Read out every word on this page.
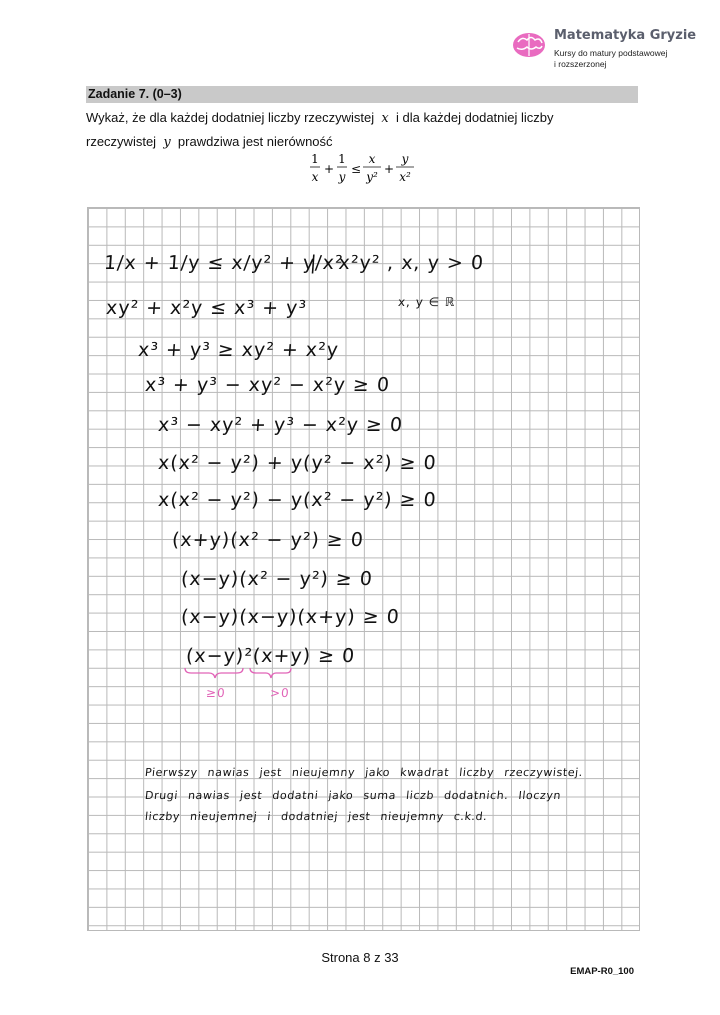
Matematyka Gryzie
Kursy do matury podstawowej
i rozszerzonej
Zadanie 7. (0–3)
Wykaż, że dla każdej dodatniej liczby rzeczywistej x i dla każdej dodatniej liczby
rzeczywistej y prawdziwa jest nierówność
1
x
+
1
y
≤
x
y²
+
y
x²
1/x + 1/y ≤ x/y² + y/x²
| · x²y² , x, y > 0
x, y ∈ ℝ
xy² + x²y ≤ x³ + y³
x³ + y³ ≥ xy² + x²y
x³ + y³ − xy² − x²y ≥ 0
x³ − xy² + y³ − x²y ≥ 0
x(x² − y²) + y(y² − x²) ≥ 0
x(x² − y²) − y(x² − y²) ≥ 0
(x+y)(x² − y²) ≥ 0
(x−y)(x² − y²) ≥ 0
(x−y)(x−y)(x+y) ≥ 0
(x−y)²(x+y) ≥ 0
≥0	>0
Pierwszy nawias jest nieujemny jako kwadrat liczby rzeczywistej.
Drugi nawias jest dodatni jako suma liczb dodatnich. Iloczyn
liczby nieujemnej i dodatniej jest nieujemny c.k.d.
Strona 8 z 33
EMAP-R0_100
